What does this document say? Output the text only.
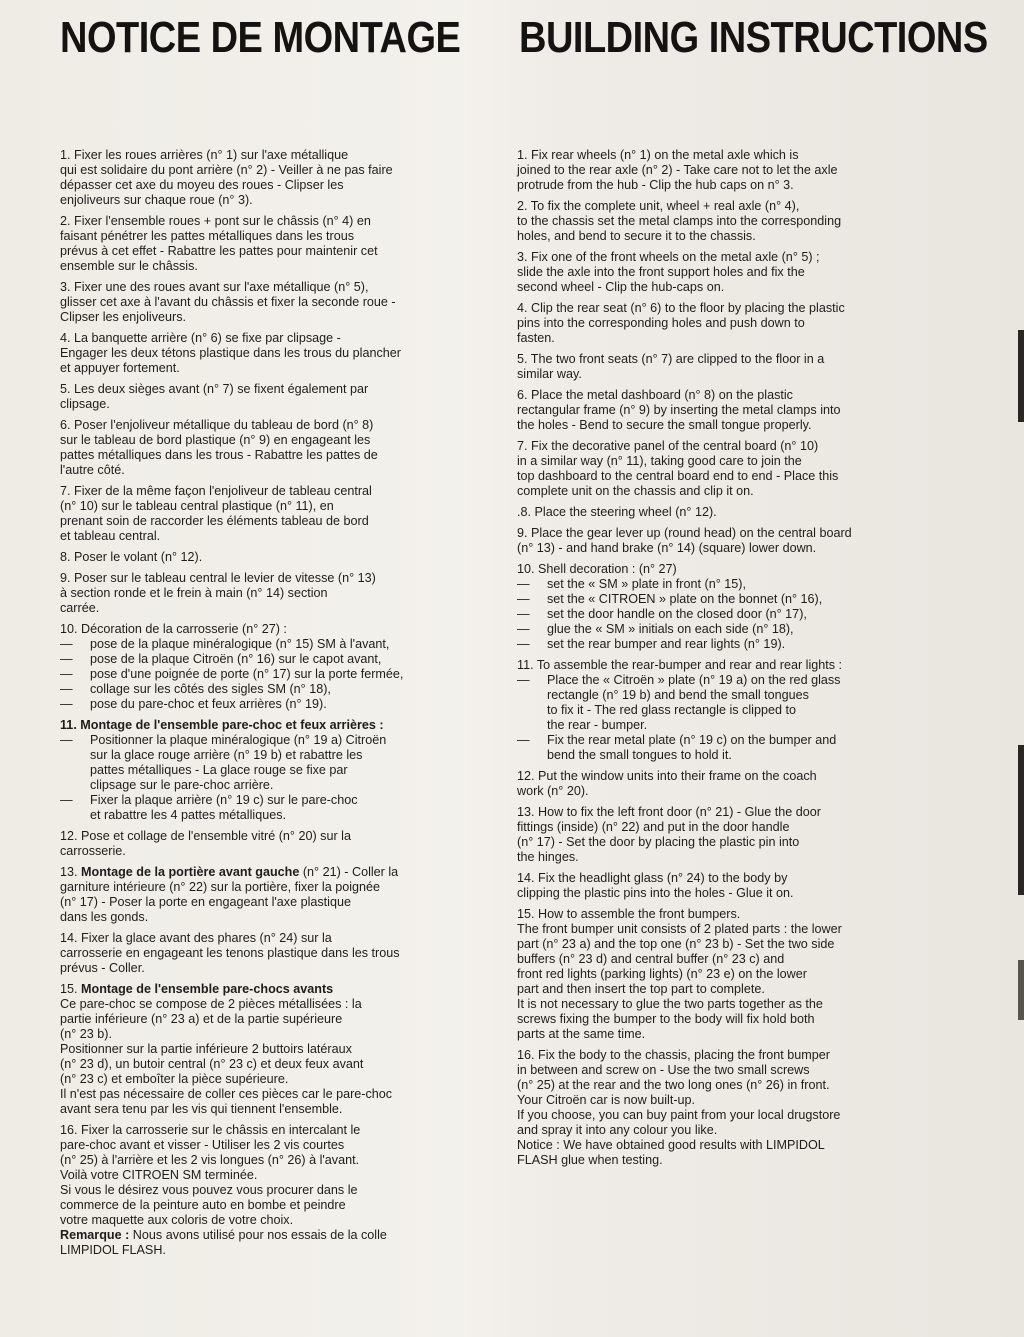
NOTICE DE MONTAGE BUILDING INSTRUCTIONS

1. Fixer les roues arrières (n° 1) sur l'axe métallique

qui est solidaire du pont arrière (n° 2) - Veiller à ne pas faire

dépasser cet axe du moyeu des roues - Clipser les

enjoliveurs sur chaque roue (n° 3).

2. Fixer l'ensemble roues + pont sur le châssis (n° 4) en

faisant pénétrer les pattes métalliques dans les trous

prévus à cet effet - Rabattre les pattes pour maintenir cet

ensemble sur le châssis.

3. Fixer une des roues avant sur l'axe métallique (n° 5),

glisser cet axe à l'avant du châssis et fixer la seconde roue -

Clipser les enjoliveurs.

4. La banquette arrière (n° 6) se fixe par clipsage -

Engager les deux tétons plastique dans les trous du plancher

et appuyer fortement.

5. Les deux sièges avant (n° 7) se fixent également par

clipsage.

6. Poser l'enjoliveur métallique du tableau de bord (n° 8)

sur le tableau de bord plastique (n° 9) en engageant les

pattes métalliques dans les trous - Rabattre les pattes de

l'autre côté.

7. Fixer de la même façon l'enjoliveur de tableau central

(n° 10) sur le tableau central plastique (n° 11), en

prenant soin de raccorder les éléments tableau de bord

et tableau central.

8. Poser le volant (n° 12).

9. Poser sur le tableau central le levier de vitesse (n° 13)

à section ronde et le frein à main (n° 14) section

carrée.

10. Décoration de la carrosserie (n° 27) :

—	pose de la plaque minéralogique (n° 15) SM à l'avant,
—	pose de la plaque Citroën (n° 16) sur le capot avant,
—	pose d'une poignée de porte (n° 17) sur la porte fermée,
—	collage sur les côtés des sigles SM (n° 18),
—	pose du pare-choc et feux arrières (n° 19).

11. Montage de l'ensemble pare-choc et feux arrières :

—	Positionner la plaque minéralogique (n° 19 a) Citroën

sur la glace rouge arrière (n° 19 b) et rabattre les

pattes métalliques - La glace rouge se fixe par

clipsage sur le pare-choc arrière.

—	Fixer la plaque arrière (n° 19 c) sur le pare-choc

et rabattre les 4 pattes métalliques.

12. Pose et collage de l'ensemble vitré (n° 20) sur la

carrosserie.

13. Montage de la portière avant gauche (n° 21) - Coller la

garniture intérieure (n° 22) sur la portière, fixer la poignée

(n° 17) - Poser la porte en engageant l'axe plastique

dans les gonds.

14. Fixer la glace avant des phares (n° 24) sur la

carrosserie en engageant les tenons plastique dans les trous

prévus - Coller.

15. Montage de l'ensemble pare-chocs avants

Ce pare-choc se compose de 2 pièces métallisées : la

partie inférieure (n° 23 a) et de la partie supérieure

(n° 23 b).

Positionner sur la partie inférieure 2 buttoirs latéraux

(n° 23 d), un butoir central (n° 23 c) et deux feux avant

(n° 23 c) et emboîter la pièce supérieure.

Il n'est pas nécessaire de coller ces pièces car le pare-choc

avant sera tenu par les vis qui tiennent l'ensemble.

16. Fixer la carrosserie sur le châssis en intercalant le

pare-choc avant et visser - Utiliser les 2 vis courtes

(n° 25) à l'arrière et les 2 vis longues (n° 26) à l'avant.

Voilà votre CITROEN SM terminée.

Si vous le désirez vous pouvez vous procurer dans le

commerce de la peinture auto en bombe et peindre

votre maquette aux coloris de votre choix.

Remarque : Nous avons utilisé pour nos essais de la colle

LIMPIDOL FLASH.

1. Fix rear wheels (n° 1) on the metal axle which is

joined to the rear axle (n° 2) - Take care not to let the axle

protrude from the hub - Clip the hub caps on n° 3.

2. To fix the complete unit, wheel + real axle (n° 4),

to the chassis set the metal clamps into the corresponding

holes, and bend to secure it to the chassis.

3. Fix one of the front wheels on the metal axle (n° 5) ;

slide the axle into the front support holes and fix the

second wheel - Clip the hub-caps on.

4. Clip the rear seat (n° 6) to the floor by placing the plastic

pins into the corresponding holes and push down to

fasten.

5. The two front seats (n° 7) are clipped to the floor in a

similar way.

6. Place the metal dashboard (n° 8) on the plastic

rectangular frame (n° 9) by inserting the metal clamps into

the holes - Bend to secure the small tongue properly.

7. Fix the decorative panel of the central board (n° 10)

in a similar way (n° 11), taking good care to join the

top dashboard to the central board end to end - Place this

complete unit on the chassis and clip it on.

.8. Place the steering wheel (n° 12).

9. Place the gear lever up (round head) on the central board

(n° 13) - and hand brake (n° 14) (square) lower down.

10. Shell decoration : (n° 27)

—	set the « SM » plate in front (n° 15),
—	set the « CITROEN » plate on the bonnet (n° 16),
—	set the door handle on the closed door (n° 17),
—	glue the « SM » initials on each side (n° 18),
—	set the rear bumper and rear lights (n° 19).

11. To assemble the rear-bumper and rear and rear lights :

—	Place the « Citroën » plate (n° 19 a) on the red glass

rectangle (n° 19 b) and bend the small tongues

to fix it - The red glass rectangle is clipped to

the rear - bumper.

—	Fix the rear metal plate (n° 19 c) on the bumper and

bend the small tongues to hold it.

12. Put the window units into their frame on the coach

work (n° 20).

13. How to fix the left front door (n° 21) - Glue the door

fittings (inside) (n° 22) and put in the door handle

(n° 17) - Set the door by placing the plastic pin into

the hinges.

14. Fix the headlight glass (n° 24) to the body by

clipping the plastic pins into the holes - Glue it on.

15. How to assemble the front bumpers.

The front bumper unit consists of 2 plated parts : the lower

part (n° 23 a) and the top one (n° 23 b) - Set the two side

buffers (n° 23 d) and central buffer (n° 23 c) and

front red lights (parking lights) (n° 23 e) on the lower

part and then insert the top part to complete.

It is not necessary to glue the two parts together as the

screws fixing the bumper to the body will fix hold both

parts at the same time.

16. Fix the body to the chassis, placing the front bumper

in between and screw on - Use the two small screws

(n° 25) at the rear and the two long ones (n° 26) in front.

Your Citroën car is now built-up.

If you choose, you can buy paint from your local drugstore

and spray it into any colour you like.

Notice : We have obtained good results with LIMPIDOL

FLASH glue when testing.
